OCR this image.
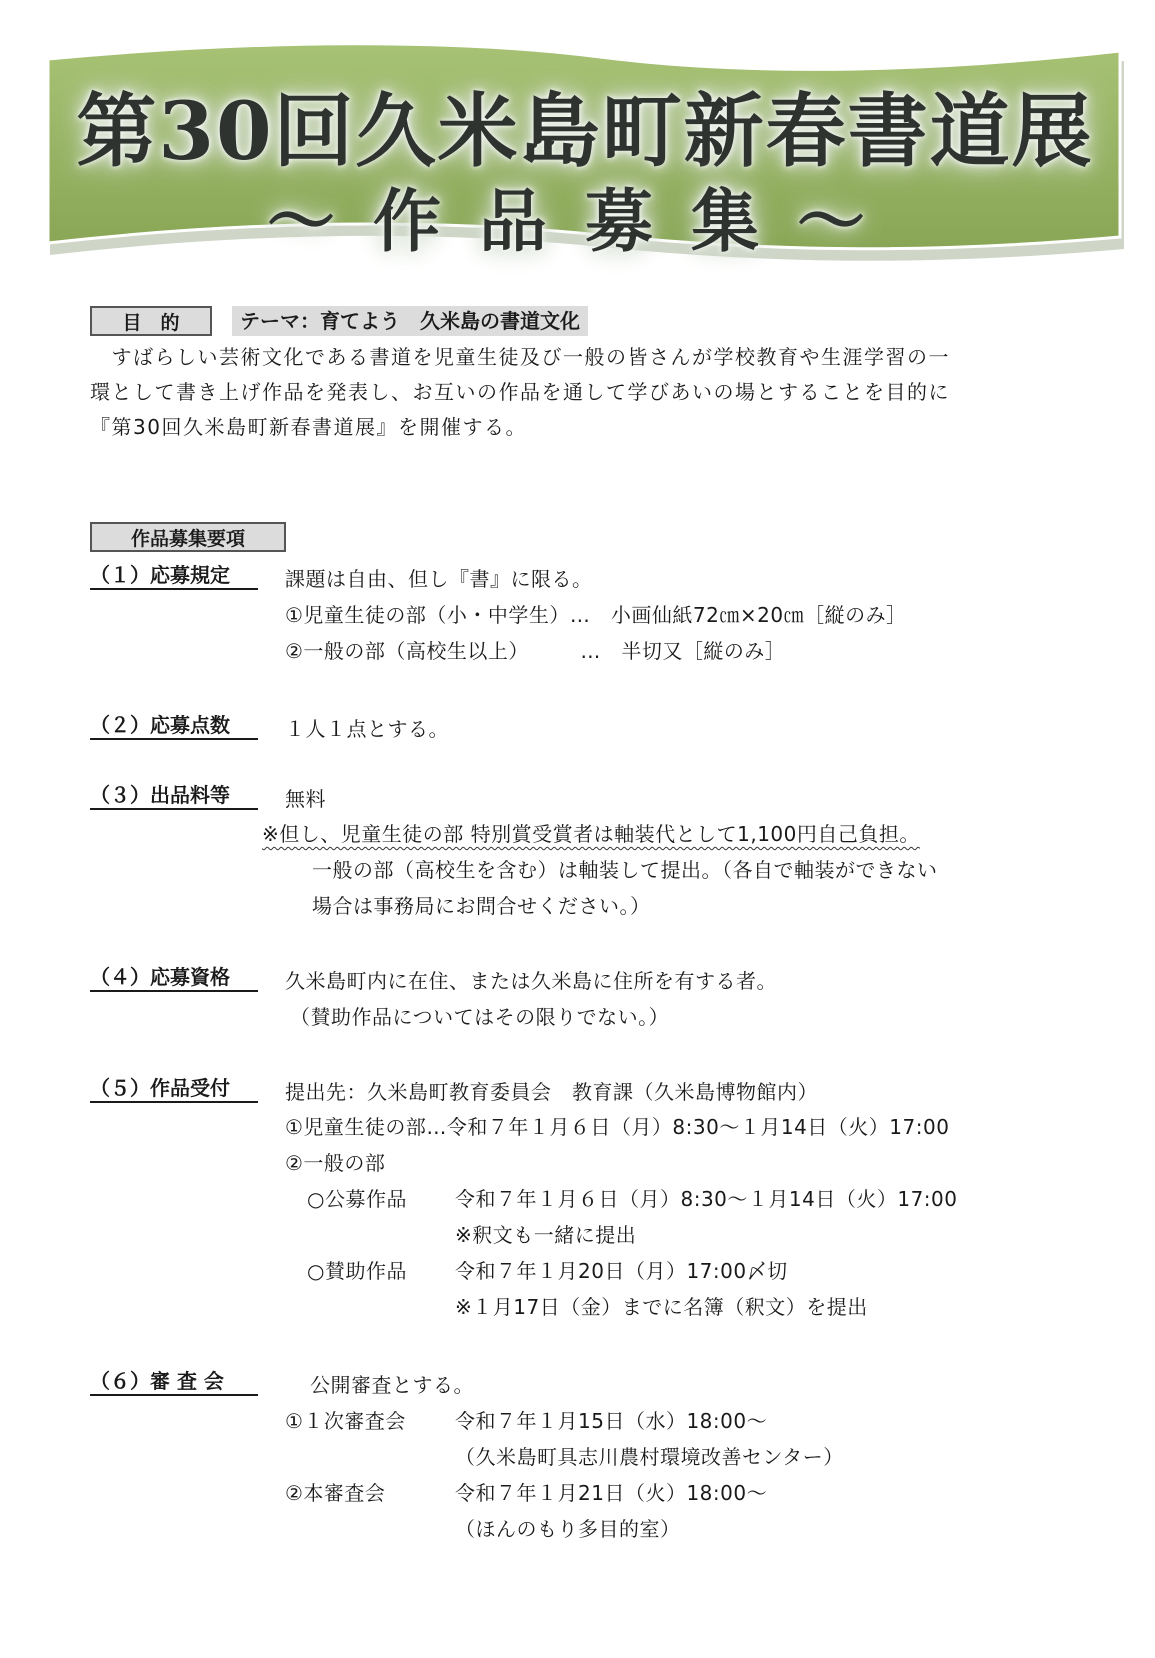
第30回久米島町新春書道展
～作品募集～
目　的	テーマ：育てよう　久米島の書道文化
　すばらしい芸術文化である書道を児童生徒及び一般の皆さんが学校教育や生涯学習の一
環として書き上げ作品を発表し、お互いの作品を通して学びあいの場とすることを目的に
『第30回久米島町新春書道展』を開催する。
作品募集要項
（１）応募規定	課題は自由、但し『書』に限る。
①児童生徒の部（小・中学生）…　小画仙紙72㎝×20㎝［縦のみ］
②一般の部（高校生以上）　　　…　半切又［縦のみ］
（２）応募点数	１人１点とする。
（３）出品料等	無料
※但し、児童生徒の部 特別賞受賞者は軸装代として1,100円自己負担。
一般の部（高校生を含む）は軸装して提出。（各自で軸装ができない
場合は事務局にお問合せください。）
（４）応募資格	久米島町内に在住、または久米島に住所を有する者。
（賛助作品についてはその限りでない。）
（５）作品受付	提出先：久米島町教育委員会　教育課（久米島博物館内）
①児童生徒の部…令和７年１月６日（月）8:30～１月14日（火）17:00
②一般の部
○公募作品 令和７年１月６日（月）8:30～１月14日（火）17:00
※釈文も一緒に提出
○賛助作品 令和７年１月20日（月）17:00〆切
※１月17日（金）までに名簿（釈文）を提出
（６）審 査 会	公開審査とする。
①１次審査会 令和７年１月15日（水）18:00～
（久米島町具志川農村環境改善センター）
②本審査会	令和７年１月21日（火）18:00～
（ほんのもり多目的室）
